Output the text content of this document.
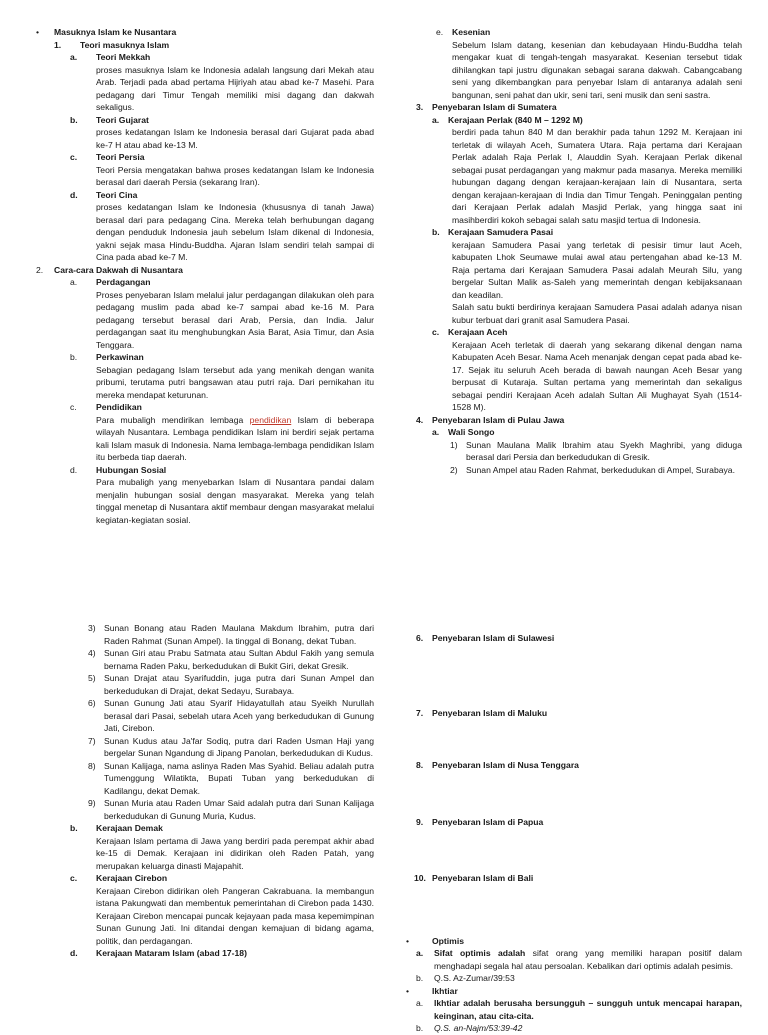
• Masuknya Islam ke Nusantara
1. Teori masuknya Islam
a. Teori Mekkah
proses masuknya Islam ke Indonesia adalah langsung dari Mekah atau Arab. Terjadi pada abad pertama Hijriyah atau abad ke-7 Masehi. Para pedagang dari Timur Tengah memiliki misi dagang dan dakwah sekaligus.
b. Teori Gujarat
proses kedatangan Islam ke Indonesia berasal dari Gujarat pada abad ke-7 H atau abad ke-13 M.
c. Teori Persia
Teori Persia mengatakan bahwa proses kedatangan Islam ke Indonesia berasal dari daerah Persia (sekarang Iran).
d. Teori Cina
proses kedatangan Islam ke Indonesia (khususnya di tanah Jawa) berasal dari para pedagang Cina. Mereka telah berhubungan dagang dengan penduduk Indonesia jauh sebelum Islam dikenal di Indonesia, yakni sejak masa Hindu-Buddha. Ajaran Islam sendiri telah sampai di Cina pada abad ke-7 M.
2. Cara-cara Dakwah di Nusantara
a. Perdagangan
Proses penyebaran Islam melalui jalur perdagangan dilakukan oleh para pedagang muslim pada abad ke-7 sampai abad ke-16 M. Para pedagang tersebut berasal dari Arab, Persia, dan India. Jalur perdagangan saat itu menghubungkan Asia Barat, Asia Timur, dan Asia Tenggara.
b. Perkawinan
Sebagian pedagang Islam tersebut ada yang menikah dengan wanita pribumi, terutama putri bangsawan atau putri raja. Dari pernikahan itu mereka mendapat keturunan.
c. Pendidikan
Para mubaligh mendirikan lembaga pendidikan Islam di beberapa wilayah Nusantara. Lembaga pendidikan Islam ini berdiri sejak pertama kali Islam masuk di Indonesia. Nama lembaga-lembaga pendidikan Islam itu berbeda tiap daerah.
d. Hubungan Sosial
Para mubaligh yang menyebarkan Islam di Nusantara pandai dalam menjalin hubungan sosial dengan masyarakat. Mereka yang telah tinggal menetap di Nusantara aktif membaur dengan masyarakat melalui kegiatan-kegiatan sosial.
e. Kesenian
Sebelum Islam datang, kesenian dan kebudayaan Hindu-Buddha telah mengakar kuat di tengah-tengah masyarakat. Kesenian tersebut tidak dihilangkan tapi justru digunakan sebagai sarana dakwah. Cabangcabang seni yang dikembangkan para penyebar Islam di antaranya adalah seni bangunan, seni pahat dan ukir, seni tari, seni musik dan seni sastra.
3. Penyebaran Islam di Sumatera
a. Kerajaan Perlak (840 M – 1292 M)
berdiri pada tahun 840 M dan berakhir pada tahun 1292 M. Kerajaan ini terletak di wilayah Aceh, Sumatera Utara. Raja pertama dari Kerajaan Perlak adalah Raja Perlak I, Alauddin Syah. Kerajaan Perlak dikenal sebagai pusat perdagangan yang makmur pada masanya. Mereka memiliki hubungan dagang dengan kerajaan-kerajaan lain di Nusantara, serta dengan kerajaan-kerajaan di India dan Timur Tengah. Peninggalan penting dari Kerajaan Perlak adalah Masjid Perlak, yang hingga saat ini masihberdiri kokoh sebagai salah satu masjid tertua di Indonesia.
b. Kerajaan Samudera Pasai
kerajaan Samudera Pasai yang terletak di pesisir timur laut Aceh, kabupaten Lhok Seumawe mulai awal atau pertengahan abad ke-13 M. Raja pertama dari Kerajaan Samudera Pasai adalah Meurah Silu, yang bergelar Sultan Malik as-Saleh yang memerintah dengan kebijaksanaan dan keadilan.
Salah satu bukti berdirinya kerajaan Samudera Pasai adalah adanya nisan kubur terbuat dari granit asal Samudera Pasai.
c. Kerajaan Aceh
Kerajaan Aceh terletak di daerah yang sekarang dikenal dengan nama Kabupaten Aceh Besar. Nama Aceh menanjak dengan cepat pada abad ke-17. Sejak itu seluruh Aceh berada di bawah naungan Aceh Besar yang berpusat di Kutaraja. Sultan pertama yang memerintah dan sekaligus sebagai pendiri Kerajaan Aceh adalah Sultan Ali Mughayat Syah (1514-1528 M).
4. Penyebaran Islam di Pulau Jawa
a. Wali Songo
1) Sunan Maulana Malik Ibrahim atau Syekh Maghribi, yang diduga berasal dari Persia dan berkedudukan di Gresik.
2) Sunan Ampel atau Raden Rahmat, berkedudukan di Ampel, Surabaya.
3) Sunan Bonang atau Raden Maulana Makdum Ibrahim, putra dari Raden Rahmat (Sunan Ampel). Ia tinggal di Bonang, dekat Tuban.
4) Sunan Giri atau Prabu Satmata atau Sultan Abdul Fakih yang semula bernama Raden Paku, berkedudukan di Bukit Giri, dekat Gresik.
5) Sunan Drajat atau Syarifuddin, juga putra dari Sunan Ampel dan berkedudukan di Drajat, dekat Sedayu, Surabaya.
6) Sunan Gunung Jati atau Syarif Hidayatullah atau Syeikh Nurullah berasal dari Pasai, sebelah utara Aceh yang berkedudukan di Gunung Jati, Cirebon.
7) Sunan Kudus atau Ja'far Sodiq, putra dari Raden Usman Haji yang bergelar Sunan Ngandung di Jipang Panolan, berkedudukan di Kudus.
8) Sunan Kalijaga, nama aslinya Raden Mas Syahid. Beliau adalah putra Tumenggung Wilatikta, Bupati Tuban yang berkedudukan di Kadilangu, dekat Demak.
9) Sunan Muria atau Raden Umar Said adalah putra dari Sunan Kalijaga berkedudukan di Gunung Muria, Kudus.
b. Kerajaan Demak
Kerajaan Islam pertama di Jawa yang berdiri pada perempat akhir abad ke-15 di Demak. Kerajaan ini didirikan oleh Raden Patah, yang merupakan keluarga dinasti Majapahit.
c. Kerajaan Cirebon
Kerajaan Cirebon didirikan oleh Pangeran Cakrabuana. Ia membangun istana Pakungwati dan membentuk pemerintahan di Cirebon pada 1430. Kerajaan Cirebon mencapai puncak kejayaan pada masa kepemimpinan Sunan Gunung Jati. Ini ditandai dengan kemajuan di bidang agama, politik, dan perdagangan.
d. Kerajaan Mataram Islam (abad 17-18)
6. Penyebaran Islam di Sulawesi
7. Penyebaran Islam di Maluku
8. Penyebaran Islam di Nusa Tenggara
9. Penyebaran Islam di Papua
10. Penyebaran Islam di Bali
•	Optimis
a. Sifat optimis adalah sifat orang yang memiliki harapan positif dalam menghadapi segala hal atau persoalan. Kebalikan dari optimis adalah pesimis.
b. Q.S. Az-Zumar/39:53
•	Ikhtiar
a. Ikhtiar adalah berusaha bersungguh – sungguh untuk mencapai harapan, keinginan, atau cita-cita.
b. Q.S. an-Najm/53:39-42
